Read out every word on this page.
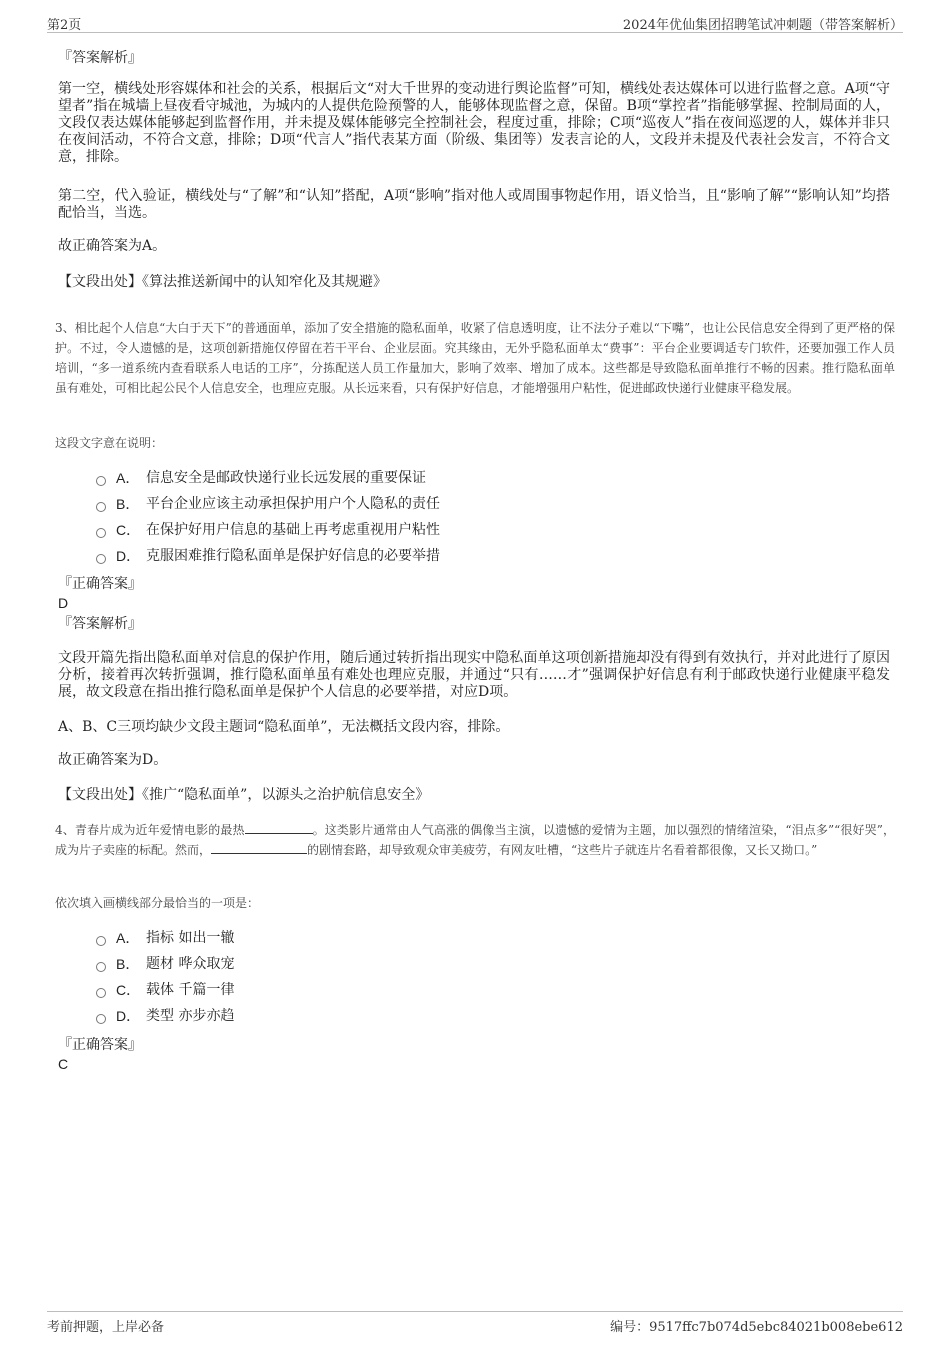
第2页	2024年优仙集团招聘笔试冲刺题（带答案解析）
『答案解析』
第一空，横线处形容媒体和社会的关系，根据后文“对大千世界的变动进行舆论监督”可知，横线处表达媒体可以进行监督之意。A项“守望者”指在城墙上昼夜看守城池，为城内的人提供危险预警的人，能够体现监督之意，保留。B项“掌控者”指能够掌握、控制局面的人，文段仅表达媒体能够起到监督作用，并未提及媒体能够完全控制社会，程度过重，排除；C项“巡夜人”指在夜间巡逻的人，媒体并非只在夜间活动，不符合文意，排除；D项“代言人”指代表某方面（阶级、集团等）发表言论的人，文段并未提及代表社会发言，不符合文意，排除。
第二空，代入验证，横线处与“了解”和“认知”搭配，A项“影响”指对他人或周围事物起作用，语义恰当，且“影响了解”“影响认知”均搭配恰当，当选。
故正确答案为A。
【文段出处】《算法推送新闻中的认知窄化及其规避》
3、相比起个人信息“大白于天下”的普通面单，添加了安全措施的隐私面单，收紧了信息透明度，让不法分子难以“下嘴”，也让公民信息安全得到了更严格的保护。不过，令人遗憾的是，这项创新措施仅停留在若干平台、企业层面。究其缘由，无外乎隐私面单太“费事”：平台企业要调适专门软件，还要加强工作人员培训，“多一道系统内查看联系人电话的工序”，分拣配送人员工作量加大，影响了效率、增加了成本。这些都是导致隐私面单推行不畅的因素。推行隐私面单虽有难处，可相比起公民个人信息安全，也理应克服。从长远来看，只有保护好信息，才能增强用户粘性，促进邮政快递行业健康平稳发展。
这段文字意在说明：
A． 信息安全是邮政快递行业长远发展的重要保证
B． 平台企业应该主动承担保护用户个人隐私的责任
C． 在保护好用户信息的基础上再考虑重视用户粘性
D． 克服困难推行隐私面单是保护好信息的必要举措
『正确答案』
D
『答案解析』
文段开篇先指出隐私面单对信息的保护作用，随后通过转折指出现实中隐私面单这项创新措施却没有得到有效执行，并对此进行了原因分析，接着再次转折强调，推行隐私面单虽有难处也理应克服，并通过“只有……才”强调保护好信息有利于邮政快递行业健康平稳发展，故文段意在指出推行隐私面单是保护个人信息的必要举措，对应D项。
A、B、C三项均缺少文段主题词“隐私面单”，无法概括文段内容，排除。
故正确答案为D。
【文段出处】《推广“隐私面单”，以源头之治护航信息安全》
4、青春片成为近年爱情电影的最热	。这类影片通常由人气高涨的偶像当主演，以遗憾的爱情为主题，加以强烈的情绪渲染，“泪点多”“很好哭”，成为片子卖座的标配。然而，	的剧情套路，却导致观众审美疲劳，有网友吐槽，“这些片子就连片名看着都很像，又长又拗口。”
依次填入画横线部分最恰当的一项是：
A． 指标 如出一辙
B． 题材 哗众取宠
C． 载体 千篇一律
D． 类型 亦步亦趋
『正确答案』
C
考前押题，上岸必备	编号：9517ffc7b074d5ebc84021b008ebe612
